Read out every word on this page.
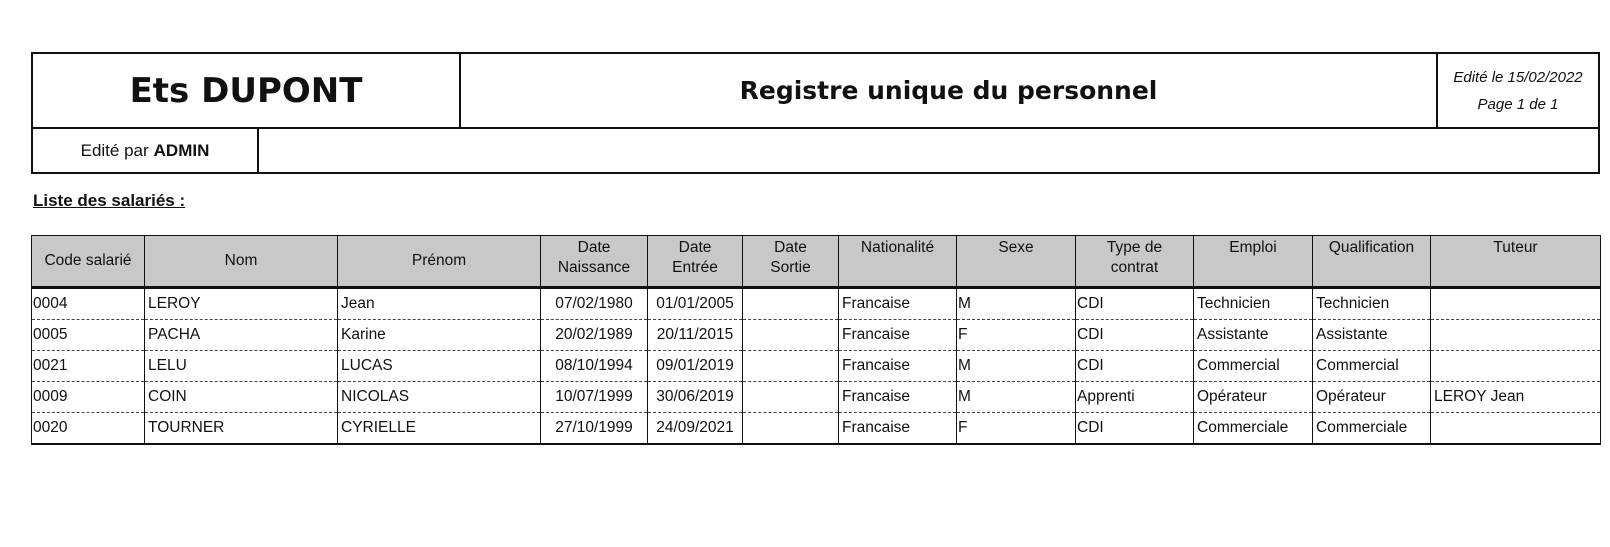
Ets DUPONT	Registre unique du personnel	Edité le 15/02/2022
Page 1 de 1
Edité par ADMIN
Liste des salariés :
Code salarié	Nom	Prénom	Date Naissance	Date Entrée	Date Sortie	Nationalité	Sexe	Type de contrat	Emploi	Qualification	Tuteur

0004	LEROY	Jean	07/02/1980	01/01/2005		Francaise	M	CDI	Technicien	Technicien	
0005	PACHA	Karine	20/02/1989	20/11/2015		Francaise	F	CDI	Assistante	Assistante	
0021	LELU	LUCAS	08/10/1994	09/01/2019		Francaise	M	CDI	Commercial	Commercial	
0009	COIN	NICOLAS	10/07/1999	30/06/2019		Francaise	M	Apprenti	Opérateur	Opérateur	LEROY Jean
0020	TOURNER	CYRIELLE	27/10/1999	24/09/2021		Francaise	F	CDI	Commerciale	Commerciale	
